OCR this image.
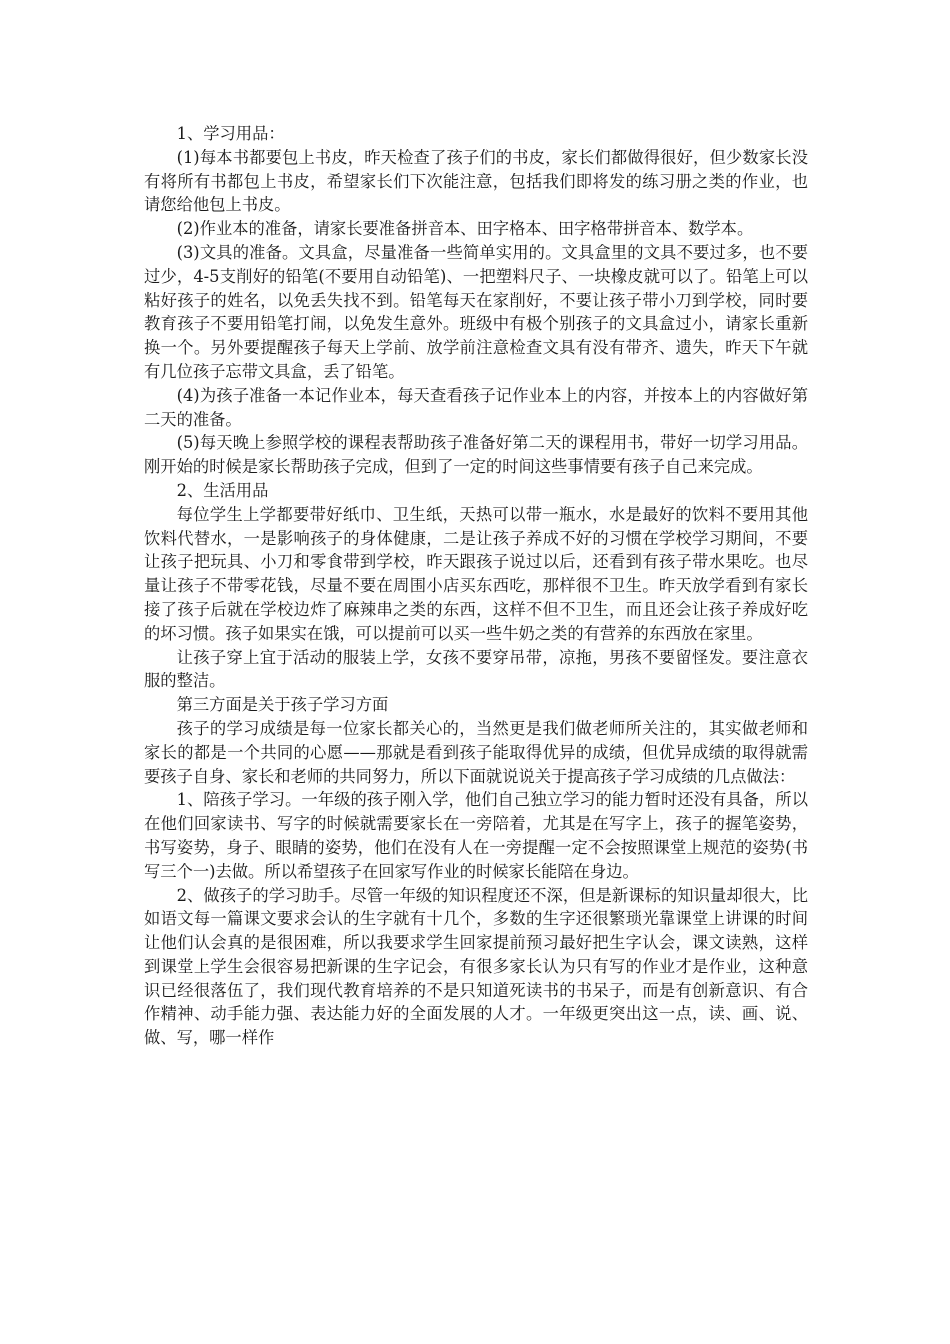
1、学习用品：

(1)每本书都要包上书皮，昨天检查了孩子们的书皮，家长们都做得很好，但少数家长没有将所有书都包上书皮，希望家长们下次能注意，包括我们即将发的练习册之类的作业，也请您给他包上书皮。

(2)作业本的准备，请家长要准备拼音本、田字格本、田字格带拼音本、数学本。

(3)文具的准备。文具盒，尽量准备一些简单实用的。文具盒里的文具不要过多，也不要过少，4-5支削好的铅笔(不要用自动铅笔)、一把塑料尺子、一块橡皮就可以了。铅笔上可以粘好孩子的姓名，以免丢失找不到。铅笔每天在家削好，不要让孩子带小刀到学校，同时要教育孩子不要用铅笔打闹，以免发生意外。班级中有极个别孩子的文具盒过小，请家长重新换一个。另外要提醒孩子每天上学前、放学前注意检查文具有没有带齐、遗失，昨天下午就有几位孩子忘带文具盒，丢了铅笔。

(4)为孩子准备一本记作业本，每天查看孩子记作业本上的内容，并按本上的内容做好第二天的准备。

(5)每天晚上参照学校的课程表帮助孩子准备好第二天的课程用书，带好一切学习用品。刚开始的时候是家长帮助孩子完成，但到了一定的时间这些事情要有孩子自己来完成。

2、生活用品

每位学生上学都要带好纸巾、卫生纸，天热可以带一瓶水，水是最好的饮料不要用其他饮料代替水，一是影响孩子的身体健康，二是让孩子养成不好的习惯在学校学习期间，不要让孩子把玩具、小刀和零食带到学校，昨天跟孩子说过以后，还看到有孩子带水果吃。也尽量让孩子不带零花钱，尽量不要在周围小店买东西吃，那样很不卫生。昨天放学看到有家长接了孩子后就在学校边炸了麻辣串之类的东西，这样不但不卫生，而且还会让孩子养成好吃的坏习惯。孩子如果实在饿，可以提前可以买一些牛奶之类的有营养的东西放在家里。

让孩子穿上宜于活动的服装上学，女孩不要穿吊带，凉拖，男孩不要留怪发。要注意衣服的整洁。

第三方面是关于孩子学习方面

孩子的学习成绩是每一位家长都关心的，当然更是我们做老师所关注的，其实做老师和家长的都是一个共同的心愿——那就是看到孩子能取得优异的成绩，但优异成绩的取得就需要孩子自身、家长和老师的共同努力，所以下面就说说关于提高孩子学习成绩的几点做法：

1、陪孩子学习。一年级的孩子刚入学，他们自己独立学习的能力暂时还没有具备，所以在他们回家读书、写字的时候就需要家长在一旁陪着，尤其是在写字上，孩子的握笔姿势，书写姿势，身子、眼睛的姿势，他们在没有人在一旁提醒一定不会按照课堂上规范的姿势(书写三个一)去做。所以希望孩子在回家写作业的时候家长能陪在身边。

2、做孩子的学习助手。尽管一年级的知识程度还不深，但是新课标的知识量却很大，比如语文每一篇课文要求会认的生字就有十几个，多数的生字还很繁琐光靠课堂上讲课的时间让他们认会真的是很困难，所以我要求学生回家提前预习最好把生字认会，课文读熟，这样到课堂上学生会很容易把新课的生字记会，有很多家长认为只有写的作业才是作业，这种意识已经很落伍了，我们现代教育培养的不是只知道死读书的书呆子，而是有创新意识、有合作精神、动手能力强、表达能力好的全面发展的人才。一年级更突出这一点，读、画、说、做、写，哪一样作
